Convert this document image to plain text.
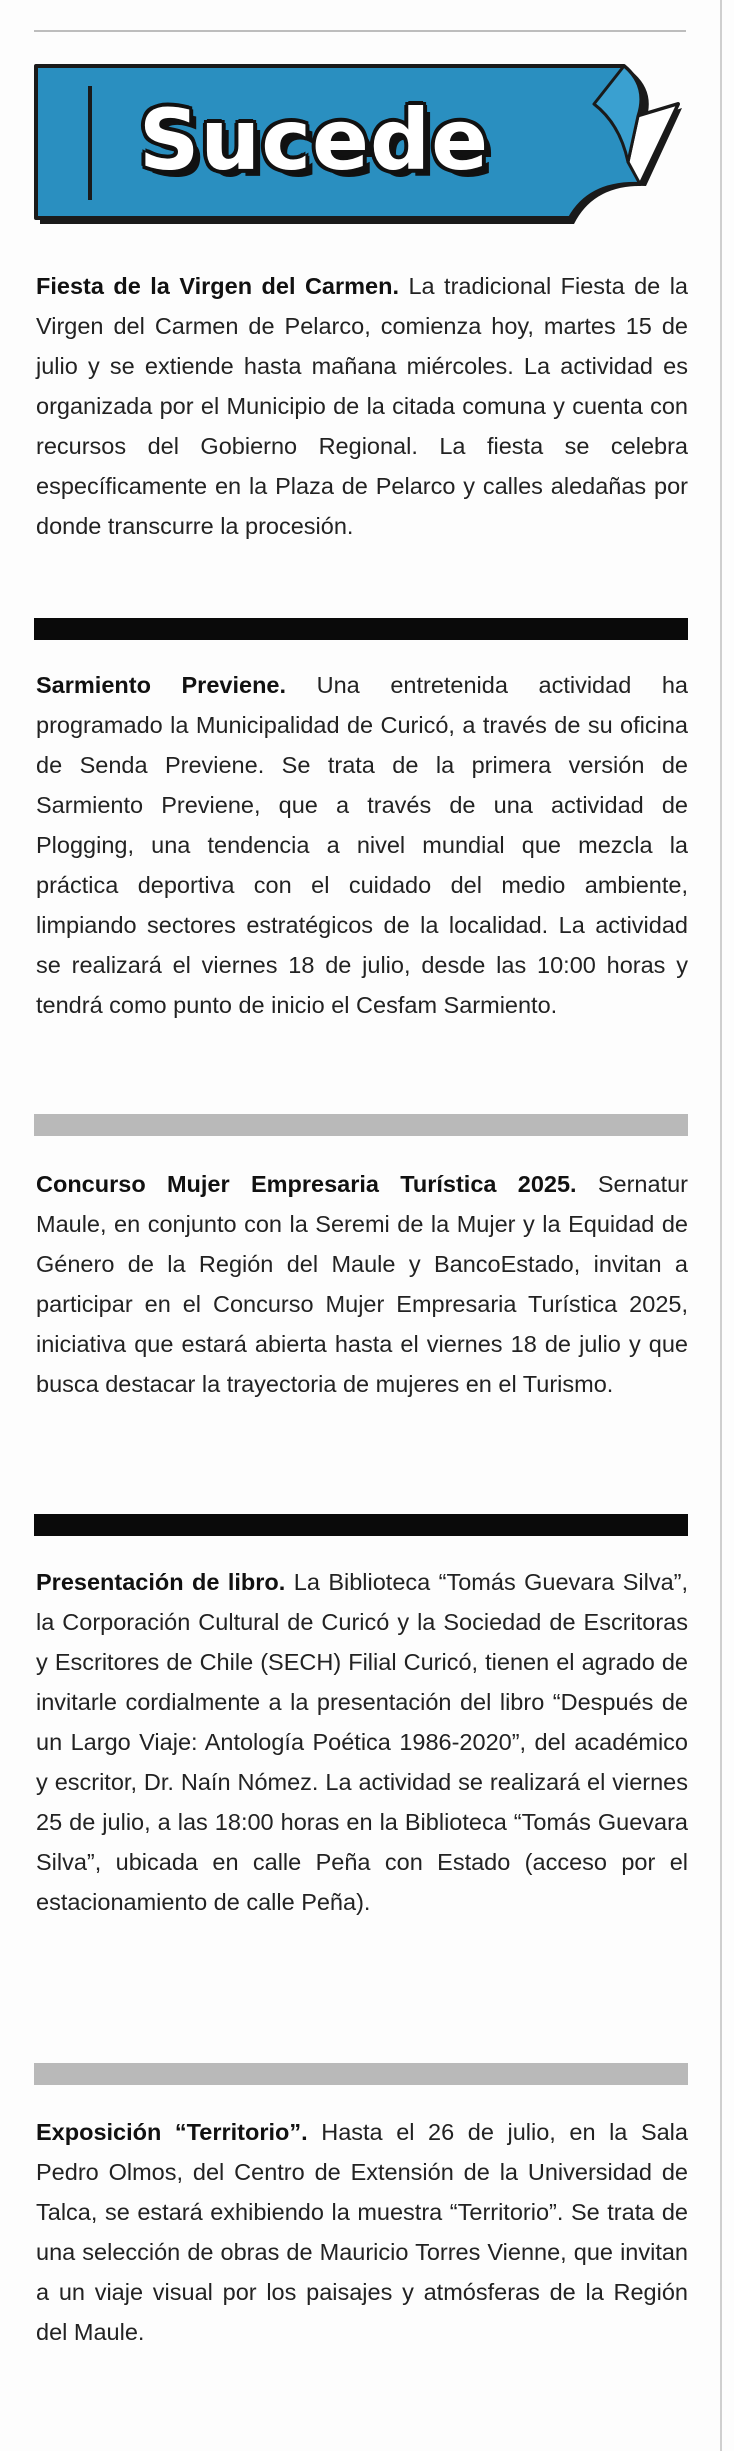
Sucede

Fiesta de la Virgen del Carmen. La tradicional Fiesta de la Virgen del Carmen de Pelarco, comienza hoy, martes 15 de julio y se extiende hasta mañana miércoles. La actividad es organizada por el Municipio de la citada comuna y cuenta con recursos del Gobierno Regional. La fiesta se celebra específicamente en la Plaza de Pelarco y calles aledañas por donde transcurre la procesión.

Sarmiento Previene. Una entretenida actividad ha programado la Municipalidad de Curicó, a través de su oficina de Senda Previene. Se trata de la primera versión de Sarmiento Previene, que a través de una actividad de Plogging, una tendencia a nivel mundial que mezcla la práctica deportiva con el cuidado del medio ambiente, limpiando sectores estratégicos de la localidad. La actividad se realizará el viernes 18 de julio, desde las 10:00 horas y tendrá como punto de inicio el Cesfam Sarmiento.

Concurso Mujer Empresaria Turística 2025. Sernatur Maule, en conjunto con la Seremi de la Mujer y la Equidad de Género de la Región del Maule y BancoEstado, invitan a participar en el Concurso Mujer Empresaria Turística 2025, iniciativa que estará abierta hasta el viernes 18 de julio y que busca destacar la trayectoria de mujeres en el Turismo.

Presentación de libro. La Biblioteca “Tomás Guevara Silva”, la Corporación Cultural de Curicó y la Sociedad de Escritoras y Escritores de Chile (SECH) Filial Curicó, tienen el agrado de invitarle cordialmente a la presentación del libro “Después de un Largo Viaje: Antología Poética 1986-2020”, del académico y escritor, Dr. Naín Nómez. La actividad se realizará el viernes 25 de julio, a las 18:00 horas en la Biblioteca “Tomás Guevara Silva”, ubicada en calle Peña con Estado (acceso por el estacionamiento de calle Peña).

Exposición “Territorio”. Hasta el 26 de julio, en la Sala Pedro Olmos, del Centro de Extensión de la Universidad de Talca, se estará exhibiendo la muestra “Territorio”. Se trata de una selección de obras de Mauricio Torres Vienne, que invitan a un viaje visual por los paisajes y atmósferas de la Región del Maule.
